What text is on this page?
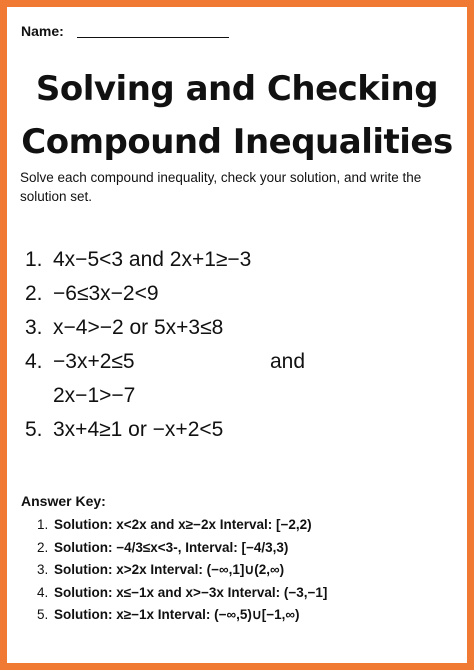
Name:
Solving and Checking
Compound Inequalities
Solve each compound inequality, check your solution, and write the solution set.
1. 4x−5<3 and 2x+1≥−3
2. −6≤3x−2<9
3. x−4>−2 or 5x+3≤8
4. −3x+2≤5	and
2x−1>−7
5. 3x+4≥1 or −x+2<5
Answer Key:
1. Solution: x<2x and x≥−2x Interval: [−2,2)
2. Solution: −4/3≤x<3-, Interval: [−4/3,3)
3. Solution: x>2x Interval: (−∞,1]∪(2,∞)
4. Solution: x≤−1x and x>−3x Interval: (−3,−1]
5. Solution: x≥−1x Interval: (−∞,5)∪[−1,∞)
